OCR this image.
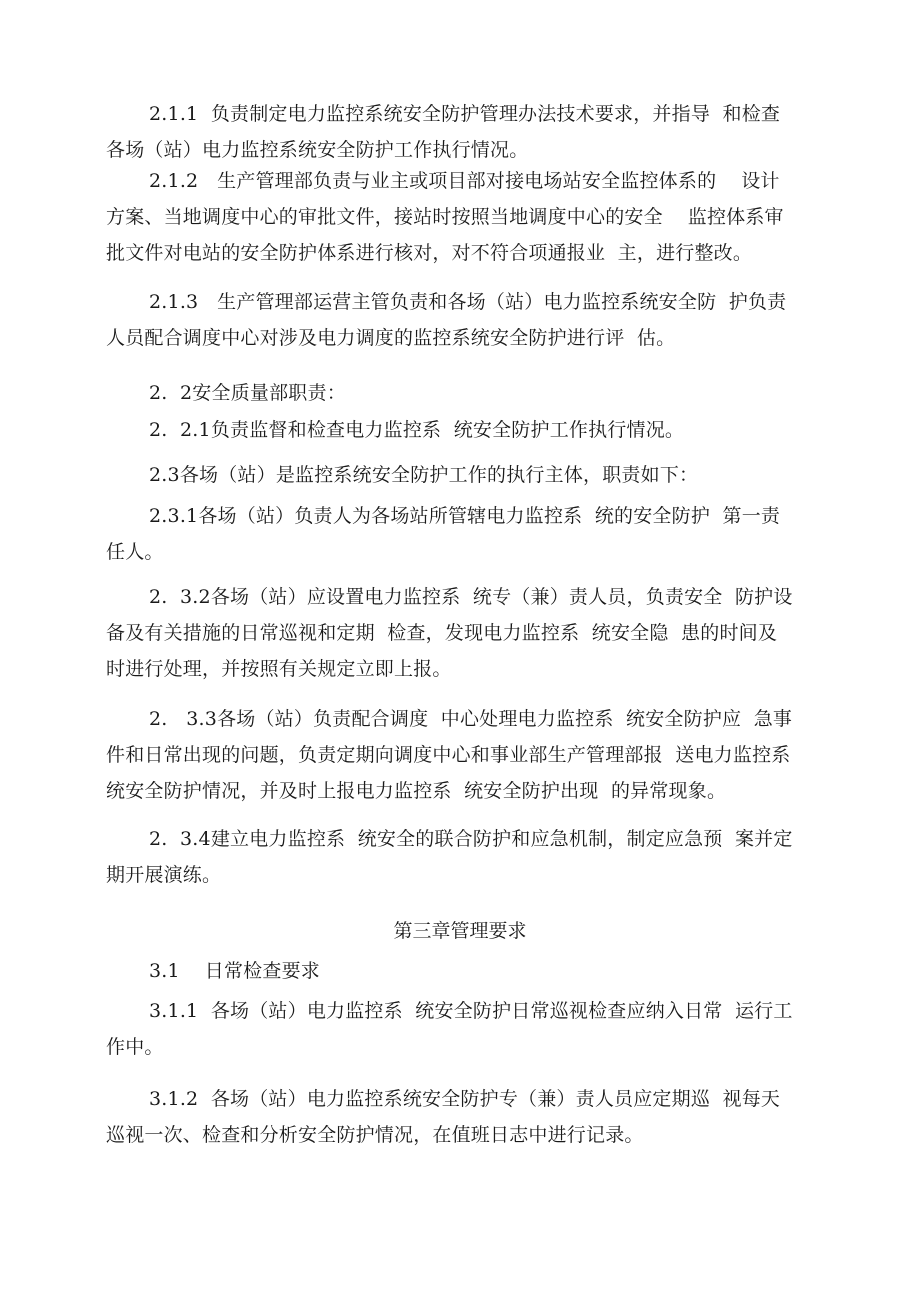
2.1.1  负责制定电力监控系统安全防护管理办法技术要求，并指导  和检查
各场（站）电力监控系统安全防护工作执行情况。
2.1.2   生产管理部负责与业主或项目部对接电场站安全监控体系的    设计
方案、当地调度中心的审批文件，接站时按照当地调度中心的安全    监控体系审
批文件对电站的安全防护体系进行核对，对不符合项通报业  主，进行整改。
2.1.3   生产管理部运营主管负责和各场（站）电力监控系统安全防  护负责
人员配合调度中心对涉及电力调度的监控系统安全防护进行评  估。
2.  2安全质量部职责：
2.  2.1负责监督和检查电力监控系  统安全防护工作执行情况。
2.3各场（站）是监控系统安全防护工作的执行主体，职责如下：
2.3.1各场（站）负责人为各场站所管辖电力监控系  统的安全防护  第一责
任人。
2.  3.2各场（站）应设置电力监控系  统专（兼）责人员，负责安全  防护设
备及有关措施的日常巡视和定期  检查，发现电力监控系  统安全隐  患的时间及
时进行处理，并按照有关规定立即上报。
2.   3.3各场（站）负责配合调度  中心处理电力监控系  统安全防护应  急事
件和日常出现的问题，负责定期向调度中心和事业部生产管理部报  送电力监控系
统安全防护情况，并及时上报电力监控系  统安全防护出现  的异常现象。
2.  3.4建立电力监控系  统安全的联合防护和应急机制，制定应急预  案并定
期开展演练。
第三章管理要求
3.1    日常检查要求
3.1.1  各场（站）电力监控系  统安全防护日常巡视检查应纳入日常  运行工
作中。
3.1.2  各场（站）电力监控系统安全防护专（兼）责人员应定期巡  视每天
巡视一次、检查和分析安全防护情况，在值班日志中进行记录。
